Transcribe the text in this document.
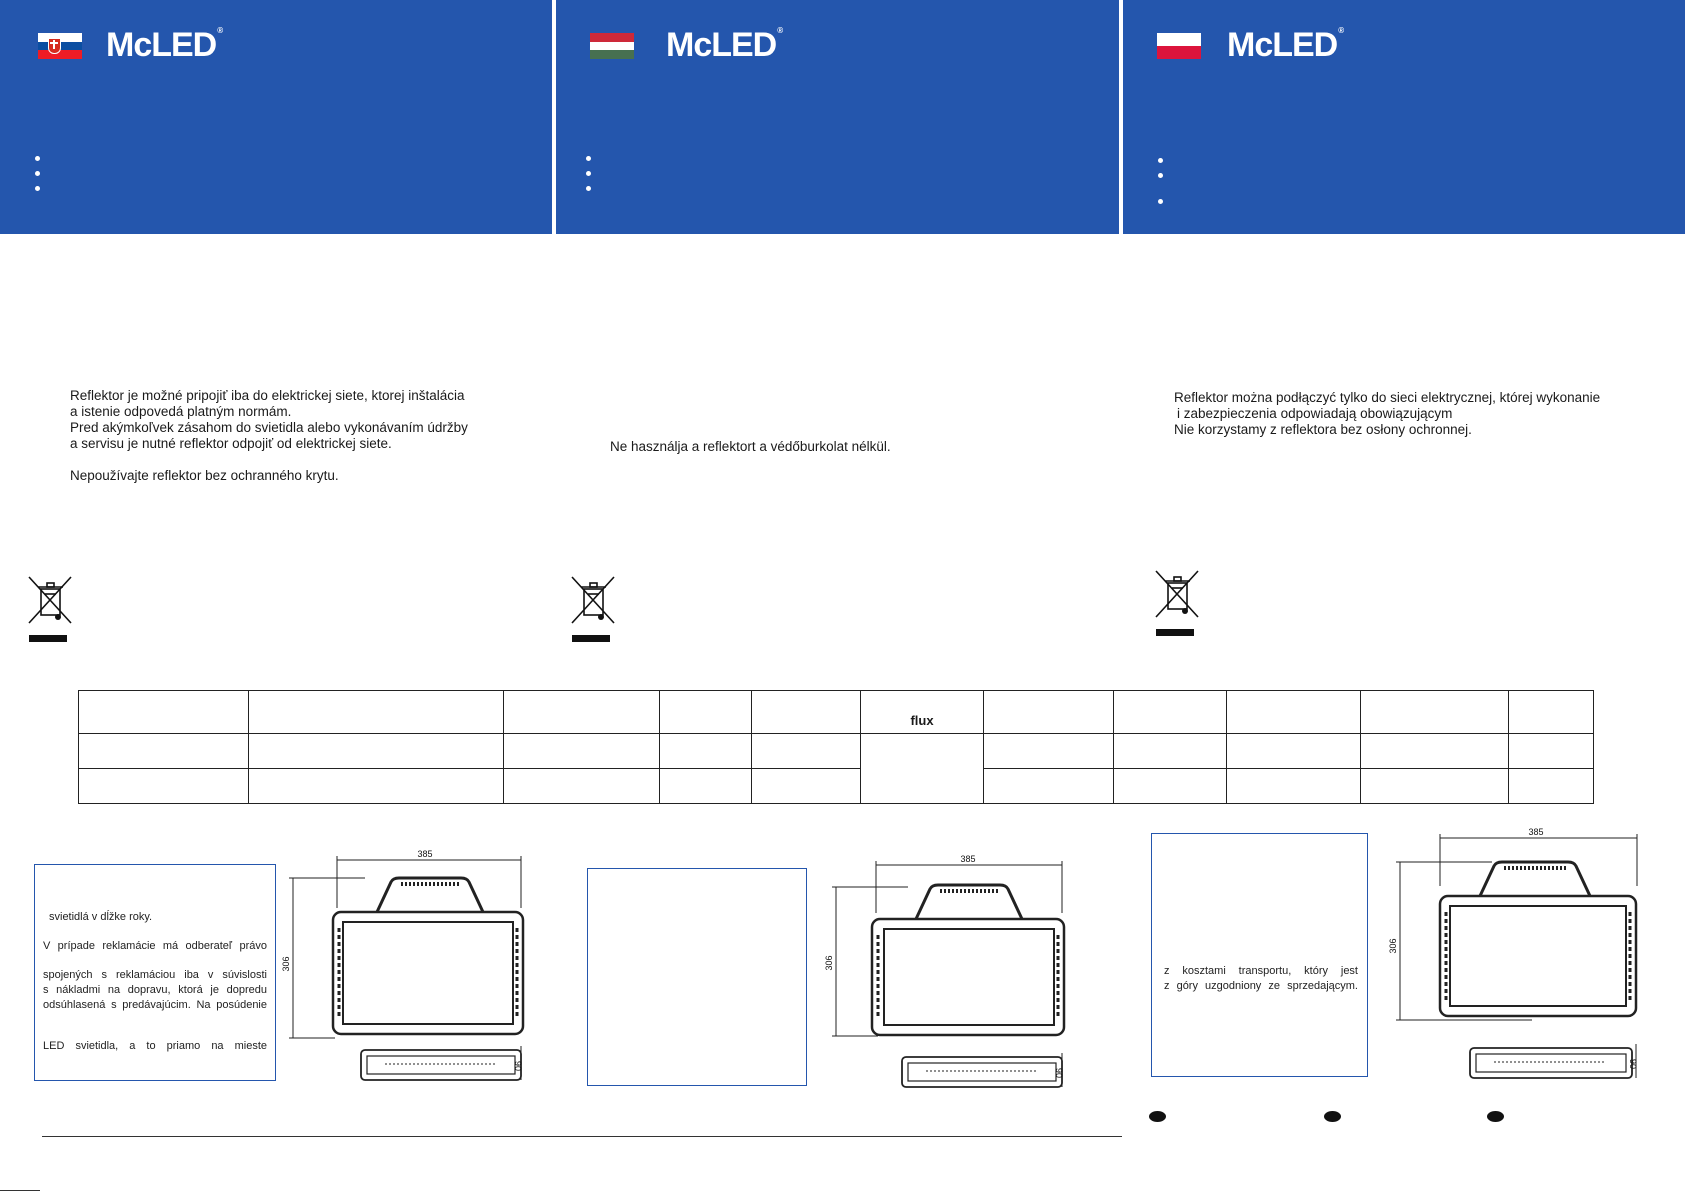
McLED®	McLED®	McLED®
Reflektor je možné pripojiť iba do elektrickej siete, ktorej inštalácia
a istenie odpovedá platným normám.
Pred akýmkoľvek zásahom do svietidla alebo vykonávaním údržby
a servisu je nutné reflektor odpojiť od elektrickej siete.
Nepoužívajte reflektor bez ochranného krytu.
Ne használja a reflektort a védőburkolat nélkül.
Reflektor można podłączyć tylko do sieci elektrycznej, której wykonanie
i zabezpieczenia odpowiadają obowiązującym
Nie korzystamy z reflektora bez osłony ochronnej.
					flux					

svietidlá v dĺžke roky.
V prípade reklamácie má odberateľ právo
spojených s reklamáciou iba v súvislosti
s nákladmi na dopravu, ktorá je dopredu
odsúhlasená s predávajúcim. Na posúdenie
LED svietidla, a to priamo na mieste
z kosztami transportu, który jest
z góry uzgodniony ze sprzedającym.
385
306
90
385
306
90
385
306
90
